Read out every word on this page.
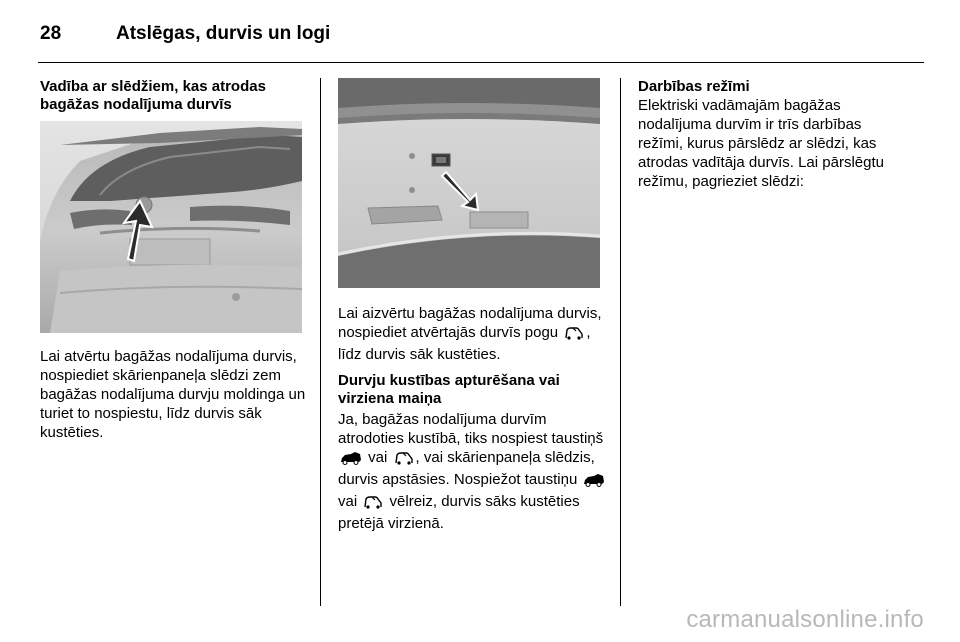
28	Atslēgas, durvis un logi
Vadība ar slēdžiem, kas atrodas bagāžas nodalījuma durvīs

Lai atvērtu bagāžas nodalījuma durvis, nospiediet skārienpaneļa slēdzi zem bagāžas nodalījuma durvju moldinga un turiet to nospiestu, līdz durvis sāk kustēties.

Lai aizvērtu bagāžas nodalījuma durvis, nospiediet atvērtajās durvīs pogu , līdz durvis sāk kustēties.

Durvju kustības apturēšana vai virziena maiņa

Ja, bagāžas nodalījuma durvīm atrodoties kustībā, tiks nospiest taustiņš  vai , vai skārienpaneļa slēdzis, durvis apstāsies. Nospiežot taustiņu  vai vēlreiz, durvis sāks kustēties pretējā virzienā.

Darbības režīmi

Elektriski vadāmajām bagāžas nodalījuma durvīm ir trīs darbības režīmi, kurus pārslēdz ar slēdzi, kas atrodas vadītāja durvīs. Lai pārslēgtu režīmu, pagrieziet slēdzi:

carmanualsonline.info
